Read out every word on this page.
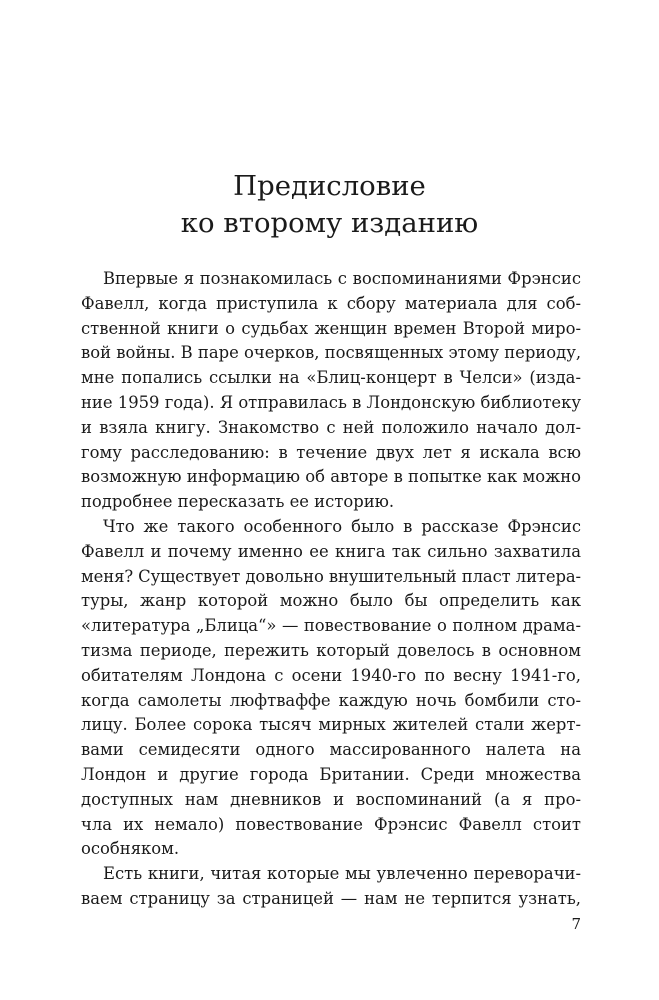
Предисловие
ко второму изданию
Впервые я познакомилась с воспоминаниями Фрэнсис
Фавелл, когда приступила к сбору материала для соб-
ственной книги о судьбах женщин времен Второй миро-
вой войны. В паре очерков, посвященных этому периоду,
мне попались ссылки на «Блиц-концерт в Челси» (изда-
ние 1959 года). Я отправилась в Лондонскую библиотеку
и взяла книгу. Знакомство с ней положило начало дол-
гому расследованию: в течение двух лет я искала всю
возможную информацию об авторе в попытке как можно
подробнее пересказать ее историю.
Что же такого особенного было в рассказе Фрэнсис
Фавелл и почему именно ее книга так сильно захватила
меня? Существует довольно внушительный пласт литера-
туры, жанр которой можно было бы определить как
«литература „Блица“» — повествование о полном драма-
тизма периоде, пережить который довелось в основном
обитателям Лондона с осени 1940-го по весну 1941-го,
когда самолеты люфтваффе каждую ночь бомбили сто-
лицу. Более сорока тысяч мирных жителей стали жерт-
вами семидесяти одного массированного налета на
Лондон и другие города Британии. Среди множества
доступных нам дневников и воспоминаний (а я про-
чла их немало) повествование Фрэнсис Фавелл стоит
особняком.
Есть книги, читая которые мы увлеченно переворачи-
ваем страницу за страницей — нам не терпится узнать,
7
